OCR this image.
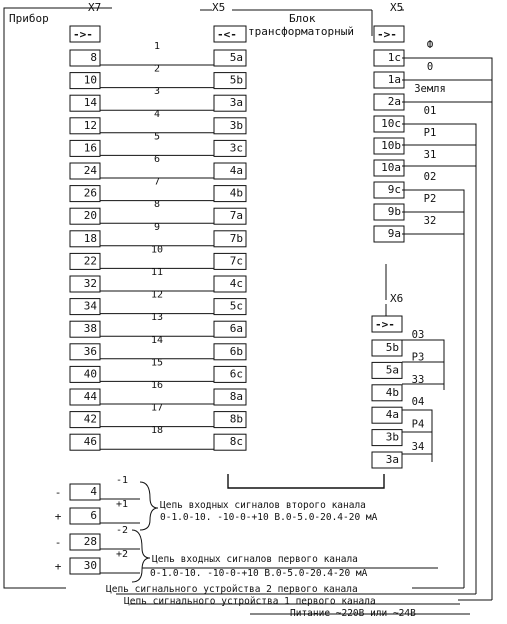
Прибор
X7	X5	X5
Блок
трансформаторный
->-	-<-	->-
X6
->-
8
1
10
2
14
3
12
4
16
5
24
6
26
7
20
8
18
9
22
10
32
11
34
12
38
13
36
14
40
15
44
16
42
17
46
18
5a
5b
3a
3b
3c
4a
4b
7a
7b
7c
4c
5c
6a
6b
6c
8a
8b
8c
1c
Ф
1a
0
2a
Земля
10c
01
10b
P1
10a
31
9c
02
9b
P2
9a
32
5b
03
5a
P3
4b
33
4a
04
3b
P4
3a
34
4
-
-1
6
+
+1
28
-
-2
30
+
+2
Цепь входных сигналов второго канала
0-1.0-10. -10-0-+10 В.0-5.0-20.4-20 мА
Цепь входных сигналов первого канала
0-1.0-10. -10-0-+10 В.0-5.0-20.4-20 мА
Цепь сигнального устройства 2 первого канала
Цепь сигнального устройства 1 первого канала
Питание ~220В или ~24В
